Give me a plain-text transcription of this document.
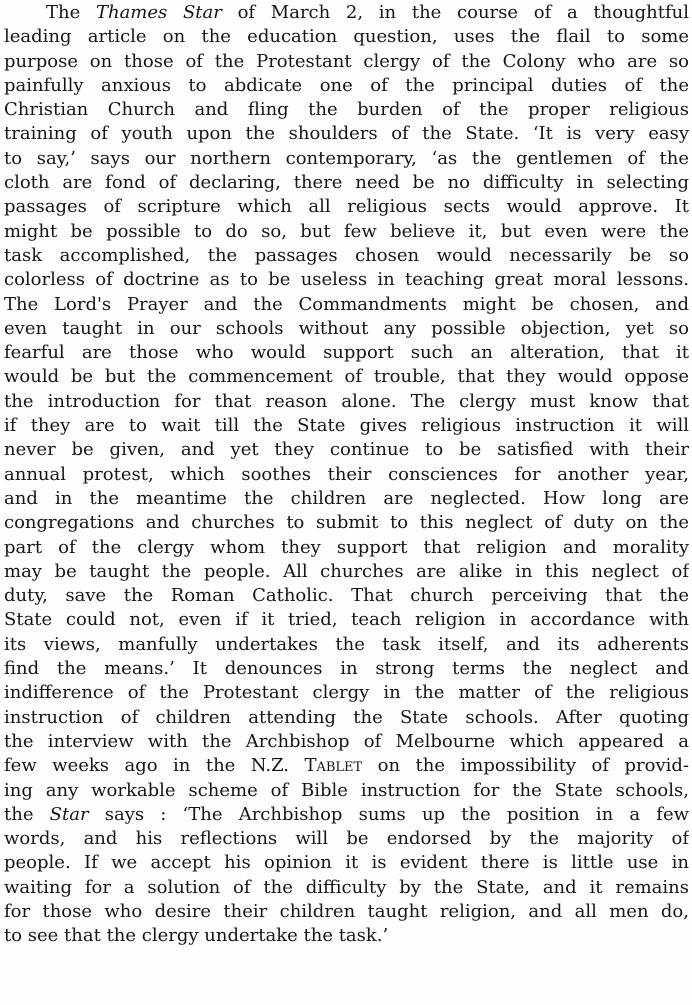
The Thames Star of March 2, in the course of a thoughtful
leading article on the education question, uses the flail to some
purpose on those of the Protestant clergy of the Colony who are so
painfully anxious to abdicate one of the principal duties of the
Christian Church and fling the burden of the proper religious
training of youth upon the shoulders of the State. ‘It is very easy
to say,’ says our northern contemporary, ‘as the gentlemen of the
cloth are fond of declaring, there need be no difficulty in selecting
passages of scripture which all religious sects would approve. It
might be possible to do so, but few believe it, but even were the
task accomplished, the passages chosen would necessarily be so
colorless of doctrine as to be useless in teaching great moral lessons.
The Lord's Prayer and the Commandments might be chosen, and
even taught in our schools without any possible objection, yet so
fearful are those who would support such an alteration, that it
would be but the commencement of trouble, that they would oppose
the introduction for that reason alone. The clergy must know that
if they are to wait till the State gives religious instruction it will
never be given, and yet they continue to be satisfied with their
annual protest, which soothes their consciences for another year,
and in the meantime the children are neglected. How long are
congregations and churches to submit to this neglect of duty on the
part of the clergy whom they support that religion and morality
may be taught the people. All churches are alike in this neglect of
duty, save the Roman Catholic. That church perceiving that the
State could not, even if it tried, teach religion in accordance with
its views, manfully undertakes the task itself, and its adherents
find the means.’ It denounces in strong terms the neglect and
indifference of the Protestant clergy in the matter of the religious
instruction of children attending the State schools. After quoting
the interview with the Archbishop of Melbourne which appeared a
few weeks ago in the N.Z. Tablet on the impossibility of provid-
ing any workable scheme of Bible instruction for the State schools,
the Star says : ‘The Archbishop sums up the position in a few
words, and his reflections will be endorsed by the majority of
people. If we accept his opinion it is evident there is little use in
waiting for a solution of the difficulty by the State, and it remains
for those who desire their children taught religion, and all men do,
to see that the clergy undertake the task.’
